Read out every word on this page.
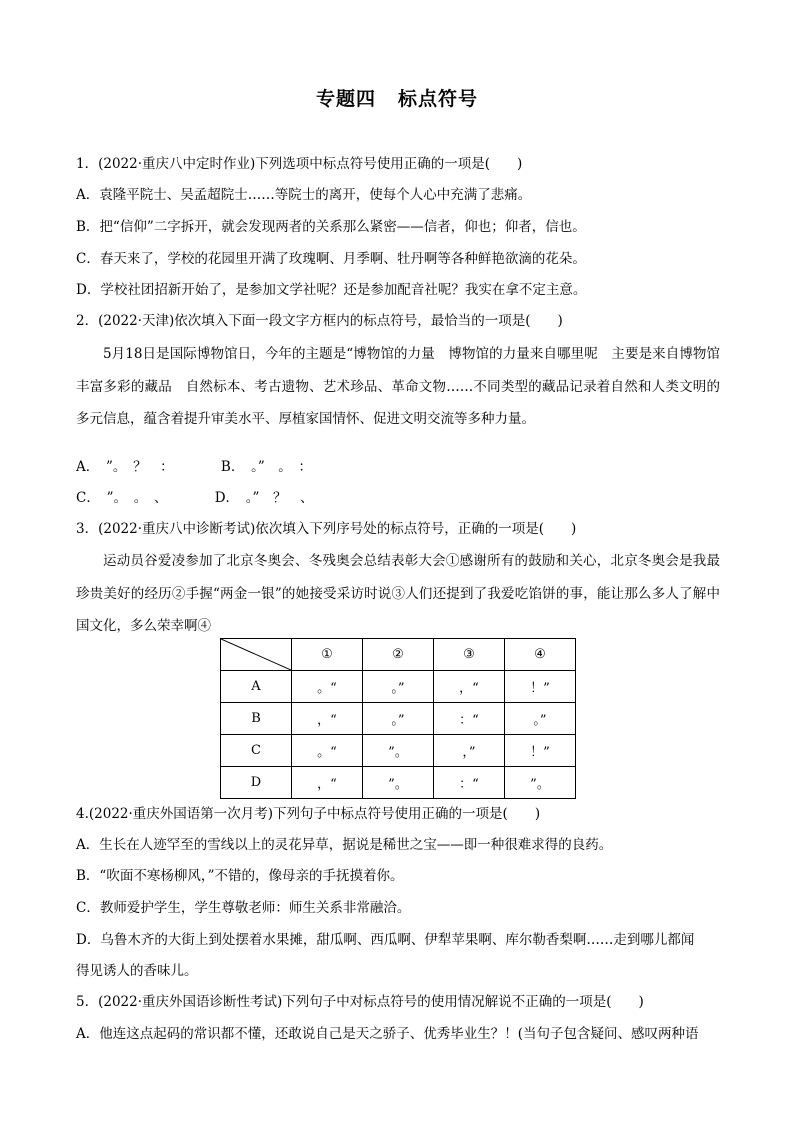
专题四 标点符号
1．(2022·重庆八中定时作业)下列选项中标点符号使用正确的一项是(　　)
A．袁隆平院士、吴孟超院士……等院士的离开，使每个人心中充满了悲痛。
B．把“信仰”二字拆开，就会发现两者的关系那么紧密——信者，仰也；仰者，信也。
C．春天来了，学校的花园里开满了玫瑰啊、月季啊、牡丹啊等各种鲜艳欲滴的花朵。
D．学校社团招新开始了，是参加文学社呢？还是参加配音社呢？我实在拿不定主意。
2．(2022·天津)依次填入下面一段文字方框内的标点符号，最恰当的一项是(　　)
5月18日是国际博物馆日，今年的主题是“博物馆的力量　博物馆的力量来自哪里呢　主要是来自博物馆丰富多彩的藏品　自然标本、考古遗物、艺术珍品、革命文物……不同类型的藏品记录着自然和人类文明的多元信息，蕴含着提升审美水平、厚植家国情怀、促进文明交流等多种力量。
A．　”。　？　：　　　　B．　。”　。　：
C．　”。　。　、　　　　D．　。”　？　、
3．(2022·重庆八中诊断考试)依次填入下列序号处的标点符号，正确的一项是(　　)
运动员谷爱凌参加了北京冬奥会、冬残奥会总结表彰大会①感谢所有的鼓励和关心，北京冬奥会是我最珍贵美好的经历②手握“两金一银”的她接受采访时说③人们还提到了我爱吃馅饼的事，能让那么多人了解中国文化，多么荣幸啊④
	①	②	③	④
A	。“	。”	，“	！”
B	，“	。”	：“	。”
C	。“	”。	，”	！”
D	，“	”。	：“	”。
4.(2022·重庆外国语第一次月考)下列句子中标点符号使用正确的一项是(　　)
A．生长在人迹罕至的雪线以上的灵花异草，据说是稀世之宝——即一种很难求得的良药。
B．“吹面不寒杨柳风，”不错的，像母亲的手抚摸着你。
C．教师爱护学生，学生尊敬老师：师生关系非常融洽。
D．乌鲁木齐的大街上到处摆着水果摊，甜瓜啊、西瓜啊、伊犁苹果啊、库尔勒香梨啊……走到哪儿都闻
得见诱人的香味儿。
5．(2022·重庆外国语诊断性考试)下列句子中对标点符号的使用情况解说不正确的一项是(　　)
A．他连这点起码的常识都不懂，还敢说自己是天之骄子、优秀毕业生？！(当句子包含疑问、感叹两种语
